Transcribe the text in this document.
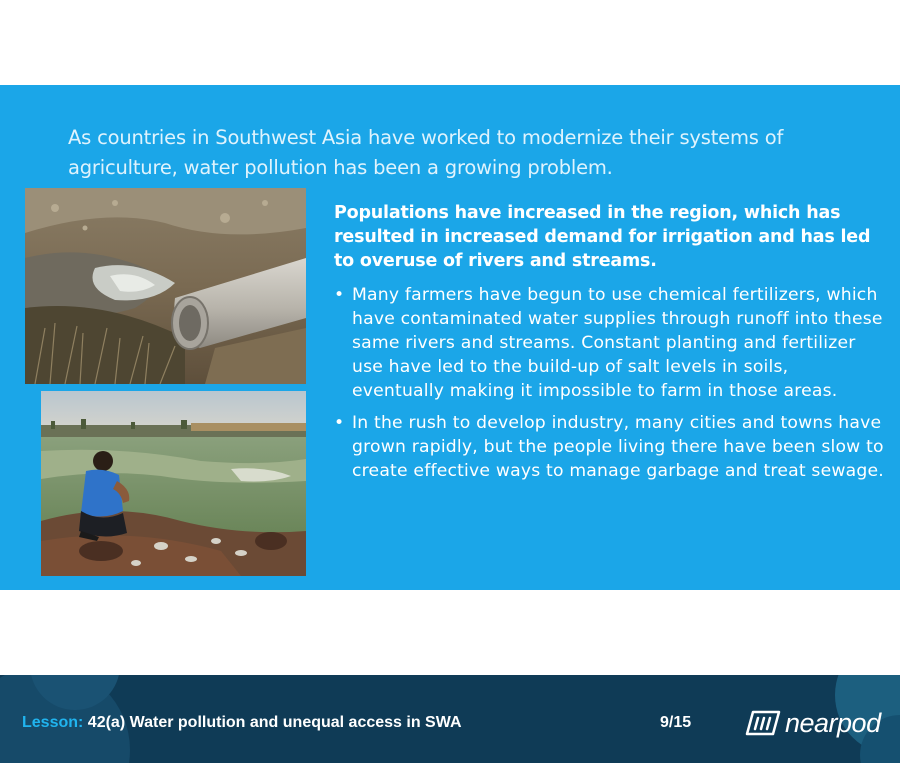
As countries in Southwest Asia have worked to modernize their systems of agriculture, water pollution has been a growing problem.

Populations have increased in the region, which has resulted in increased demand for irrigation and has led to overuse of rivers and streams.

• Many farmers have begun to use chemical fertilizers, which have contaminated water supplies through runoff into these same rivers and streams. Constant planting and fertilizer use have led to the build-up of salt levels in soils, eventually making it impossible to farm in those areas.
• In the rush to develop industry, many cities and towns have grown rapidly, but the people living there have been slow to create effective ways to manage garbage and treat sewage.
Lesson: 42(a) Water pollution and unequal access in SWA	9/15	nearpod
